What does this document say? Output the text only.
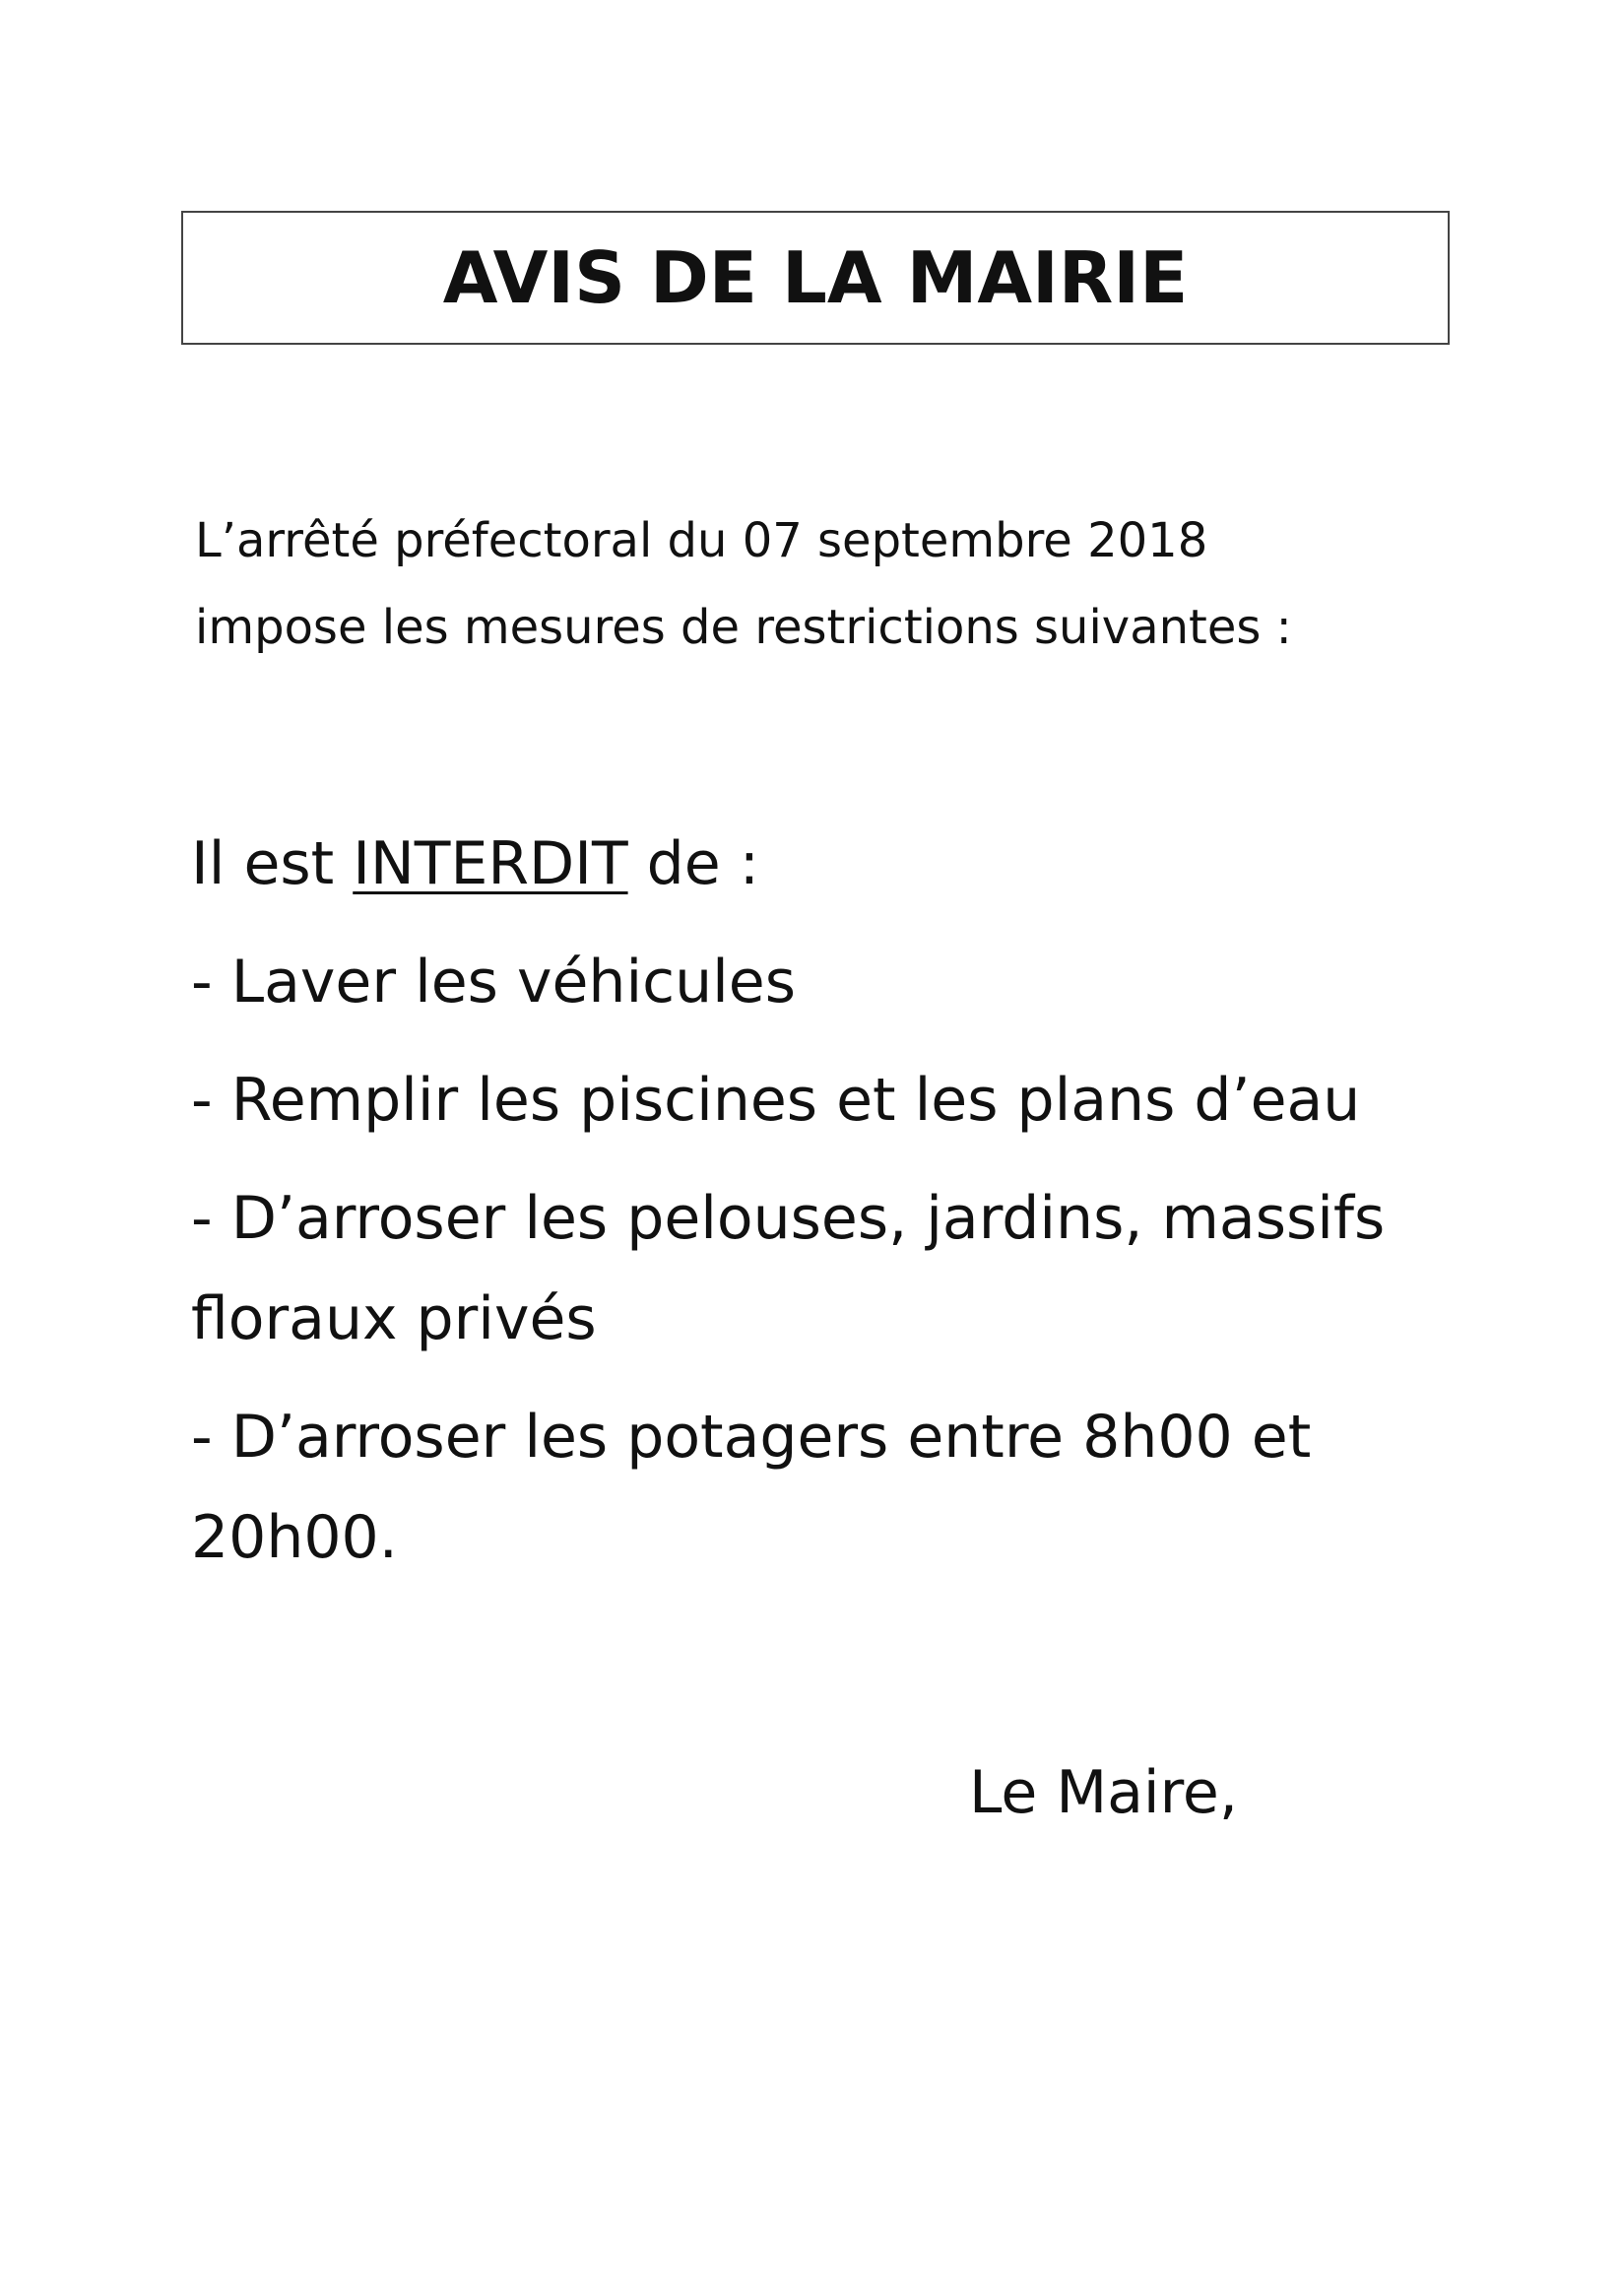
AVIS DE LA MAIRIE
L’arrêté préfectoral du 07 septembre 2018
impose les mesures de restrictions suivantes :
Il est INTERDIT de :
- Laver les véhicules
- Remplir les piscines et les plans d’eau
- D’arroser les pelouses, jardins, massifs
floraux privés
- D’arroser les potagers entre 8h00 et
20h00.
Le Maire,
